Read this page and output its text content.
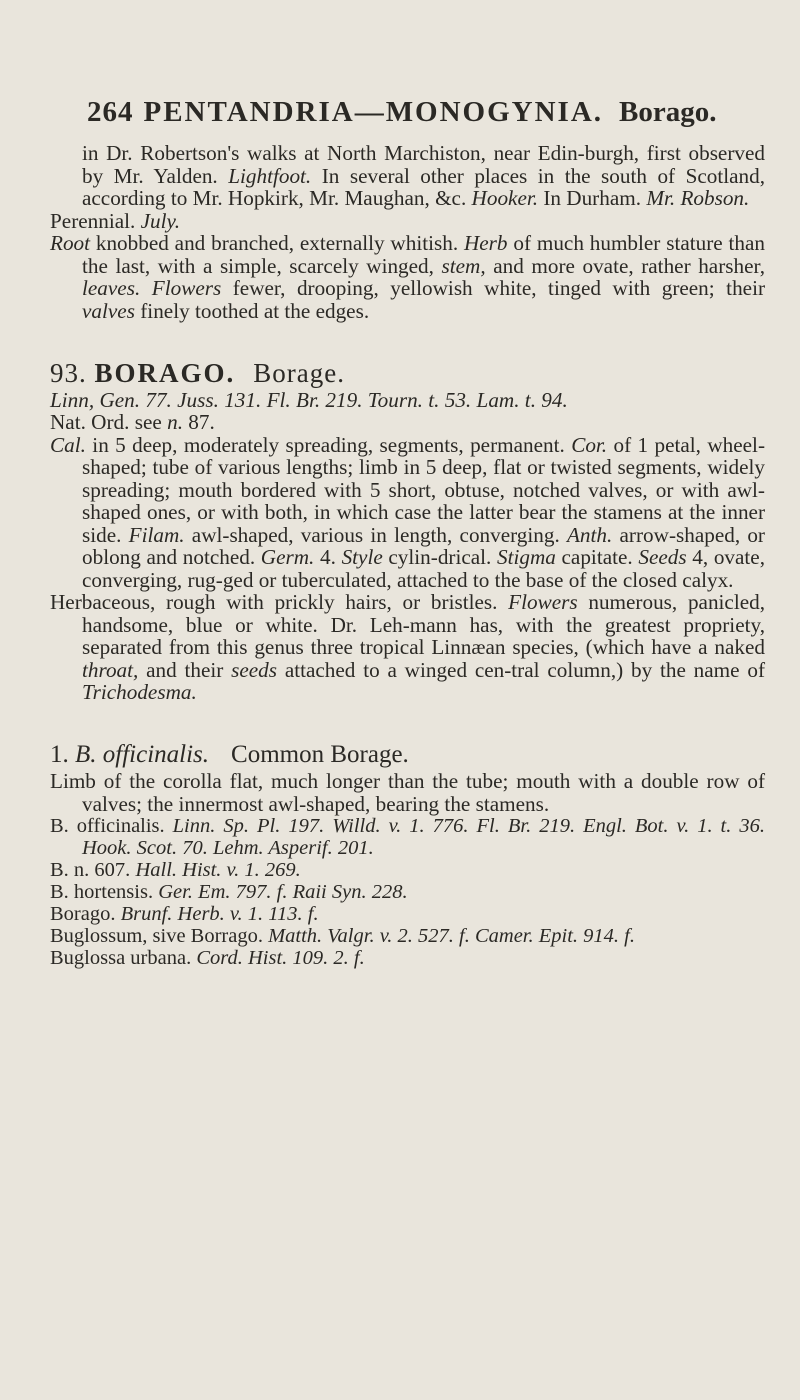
264 PENTANDRIA—MONOGYNIA. Borago.

in Dr. Robertson's walks at North Marchiston, near Edin-burgh, first observed by Mr. Yalden. Lightfoot. In several other places in the south of Scotland, according to Mr. Hopkirk, Mr. Maughan, &c. Hooker. In Durham. Mr. Robson.

Perennial. July.

Root knobbed and branched, externally whitish. Herb of much humbler stature than the last, with a simple, scarcely winged, stem, and more ovate, rather harsher, leaves. Flowers fewer, drooping, yellowish white, tinged with green; their valves finely toothed at the edges.

93. BORAGO. Borage.

Linn, Gen. 77. Juss. 131. Fl. Br. 219. Tourn. t. 53. Lam. t. 94.

Nat. Ord. see n. 87.

Cal. in 5 deep, moderately spreading, segments, permanent. Cor. of 1 petal, wheel-shaped; tube of various lengths; limb in 5 deep, flat or twisted segments, widely spreading; mouth bordered with 5 short, obtuse, notched valves, or with awl-shaped ones, or with both, in which case the latter bear the stamens at the inner side. Filam. awl-shaped, various in length, converging. Anth. arrow-shaped, or oblong and notched. Germ. 4. Style cylin-drical. Stigma capitate. Seeds 4, ovate, converging, rug-ged or tuberculated, attached to the base of the closed calyx.

Herbaceous, rough with prickly hairs, or bristles. Flowers numerous, panicled, handsome, blue or white. Dr. Leh-mann has, with the greatest propriety, separated from this genus three tropical Linnæan species, (which have a naked throat, and their seeds attached to a winged cen-tral column,) by the name of Trichodesma.

1. B. officinalis. Common Borage.

Limb of the corolla flat, much longer than the tube; mouth with a double row of valves; the innermost awl-shaped, bearing the stamens.

B. officinalis. Linn. Sp. Pl. 197. Willd. v. 1. 776. Fl. Br. 219. Engl. Bot. v. 1. t. 36. Hook. Scot. 70. Lehm. Asperif. 201.

B. n. 607. Hall. Hist. v. 1. 269.

B. hortensis. Ger. Em. 797. f. Raii Syn. 228.

Borago. Brunf. Herb. v. 1. 113. f.

Buglossum, sive Borrago. Matth. Valgr. v. 2. 527. f. Camer. Epit. 914. f.

Buglossa urbana. Cord. Hist. 109. 2. f.
